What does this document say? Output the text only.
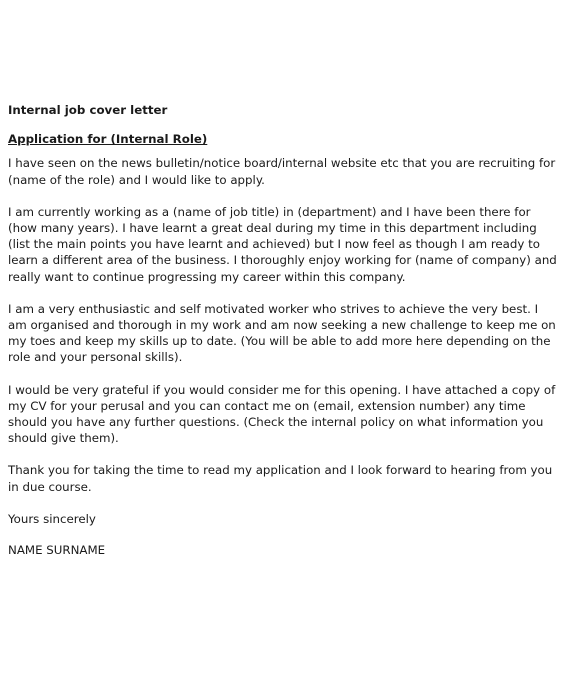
Internal job cover letter
Application for (Internal Role)

I have seen on the news bulletin/notice board/internal website etc that you are recruiting for (name of the role) and I would like to apply.

I am currently working as a (name of job title) in (department) and I have been there for (how many years). I have learnt a great deal during my time in this department including (list the main points you have learnt and achieved) but I now feel as though I am ready to learn a different area of the business. I thoroughly enjoy working for (name of company) and really want to continue progressing my career within this company.

I am a very enthusiastic and self motivated worker who strives to achieve the very best. I am organised and thorough in my work and am now seeking a new challenge to keep me on my toes and keep my skills up to date. (You will be able to add more here depending on the role and your personal skills).

I would be very grateful if you would consider me for this opening. I have attached a copy of my CV for your perusal and you can contact me on (email, extension number) any time should you have any further questions. (Check the internal policy on what information you should give them).

Thank you for taking the time to read my application and I look forward to hearing from you in due course.

Yours sincerely
NAME SURNAME
